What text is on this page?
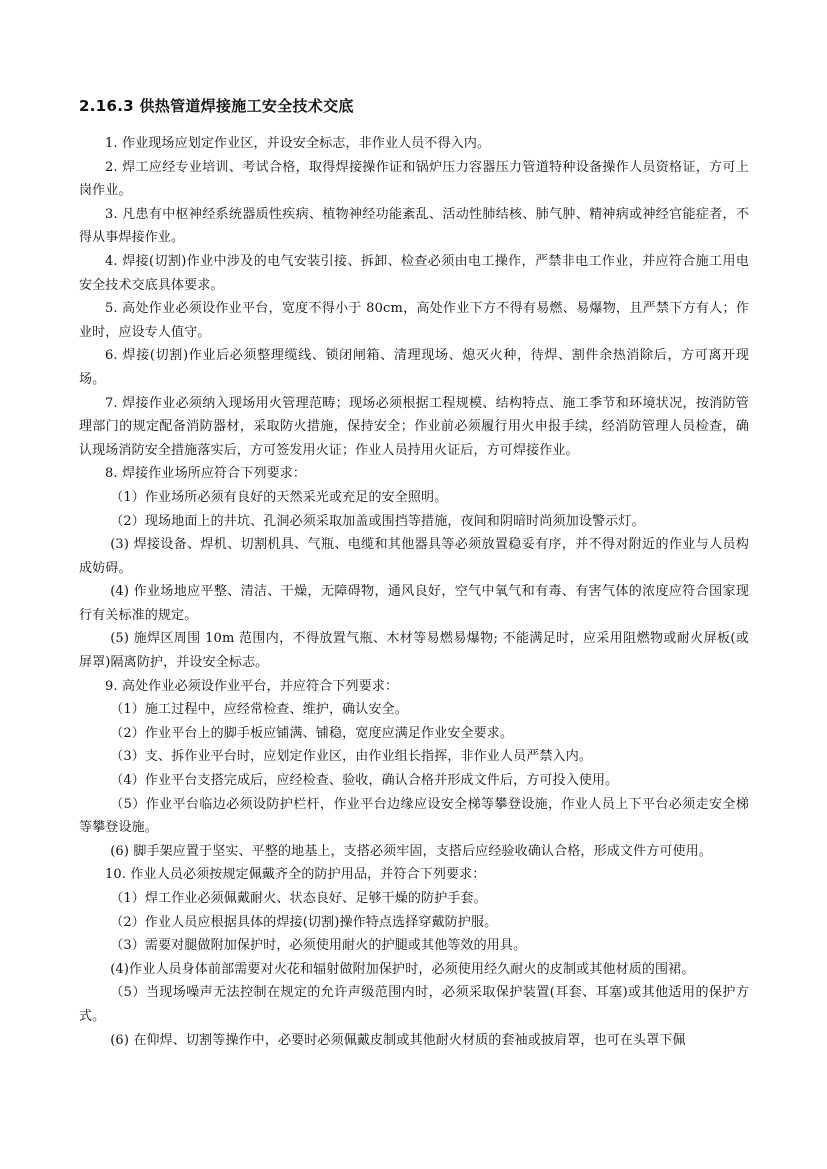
2.16.3 供热管道焊接施工安全技术交底

1. 作业现场应划定作业区，并设安全标志，非作业人员不得入内。

2. 焊工应经专业培训、考试合格，取得焊接操作证和锅炉压力容器压力管道特种设备操作人员资格证，方可上岗作业。

3. 凡患有中枢神经系统器质性疾病、植物神经功能紊乱、活动性肺结核、肺气肿、精神病或神经官能症者，不得从事焊接作业。

4. 焊接(切割)作业中涉及的电气安装引接、拆卸、检查必须由电工操作，严禁非电工作业，并应符合施工用电安全技术交底具体要求。

5. 高处作业必须设作业平台，宽度不得小于 80cm，高处作业下方不得有易燃、易爆物，且严禁下方有人；作业时，应设专人值守。

6. 焊接(切割)作业后必须整理缆线、锁闭闸箱、清理现场、熄灭火种，待焊、割件余热消除后，方可离开现场。

7. 焊接作业必须纳入现场用火管理范畴；现场必须根据工程规模、结构特点、施工季节和环境状况，按消防管理部门的规定配备消防器材，采取防火措施，保持安全；作业前必须履行用火申报手续，经消防管理人员检查，确认现场消防安全措施落实后，方可签发用火证；作业人员持用火证后，方可焊接作业。

8. 焊接作业场所应符合下列要求：

（1）作业场所必须有良好的天然采光或充足的安全照明。

（2）现场地面上的井坑、孔洞必须采取加盖或围挡等措施，夜间和阴暗时尚须加设警示灯。

(3) 焊接设备、焊机、切割机具、气瓶、电缆和其他器具等必须放置稳妥有序，并不得对附近的作业与人员构成妨碍。

(4) 作业场地应平整、清洁、干燥，无障碍物，通风良好，空气中氧气和有毒、有害气体的浓度应符合国家现行有关标准的规定。

(5) 施焊区周围 10m 范围内，不得放置气瓶、木材等易燃易爆物; 不能满足时，应采用阻燃物或耐火屏板(或屏罩)隔离防护，并设安全标志。

9. 高处作业必须设作业平台，并应符合下列要求：

（1）施工过程中，应经常检查、维护，确认安全。

（2）作业平台上的脚手板应铺满、铺稳，宽度应满足作业安全要求。

（3）支、拆作业平台时，应划定作业区，由作业组长指挥，非作业人员严禁入内。

（4）作业平台支搭完成后，应经检查、验收，确认合格并形成文件后，方可投入使用。

（5）作业平台临边必须设防护栏杆，作业平台边缘应设安全梯等攀登设施，作业人员上下平台必须走安全梯等攀登设施。

(6) 脚手架应置于坚实、平整的地基上，支搭必须牢固，支搭后应经验收确认合格，形成文件方可使用。

10. 作业人员必须按规定佩戴齐全的防护用品，并符合下列要求：

（1）焊工作业必须佩戴耐火、状态良好、足够干燥的防护手套。

（2）作业人员应根据具体的焊接(切割)操作特点选择穿戴防护服。

（3）需要对腿做附加保护时，必须使用耐火的护腿或其他等效的用具。

(4)作业人员身体前部需要对火花和辐射做附加保护时，必须使用经久耐火的皮制或其他材质的围裙。

（5）当现场噪声无法控制在规定的允许声级范围内时，必须采取保护装置(耳套、耳塞)或其他适用的保护方式。

(6) 在仰焊、切割等操作中，必要时必须佩戴皮制或其他耐火材质的套袖或披肩罩，也可在头罩下佩
